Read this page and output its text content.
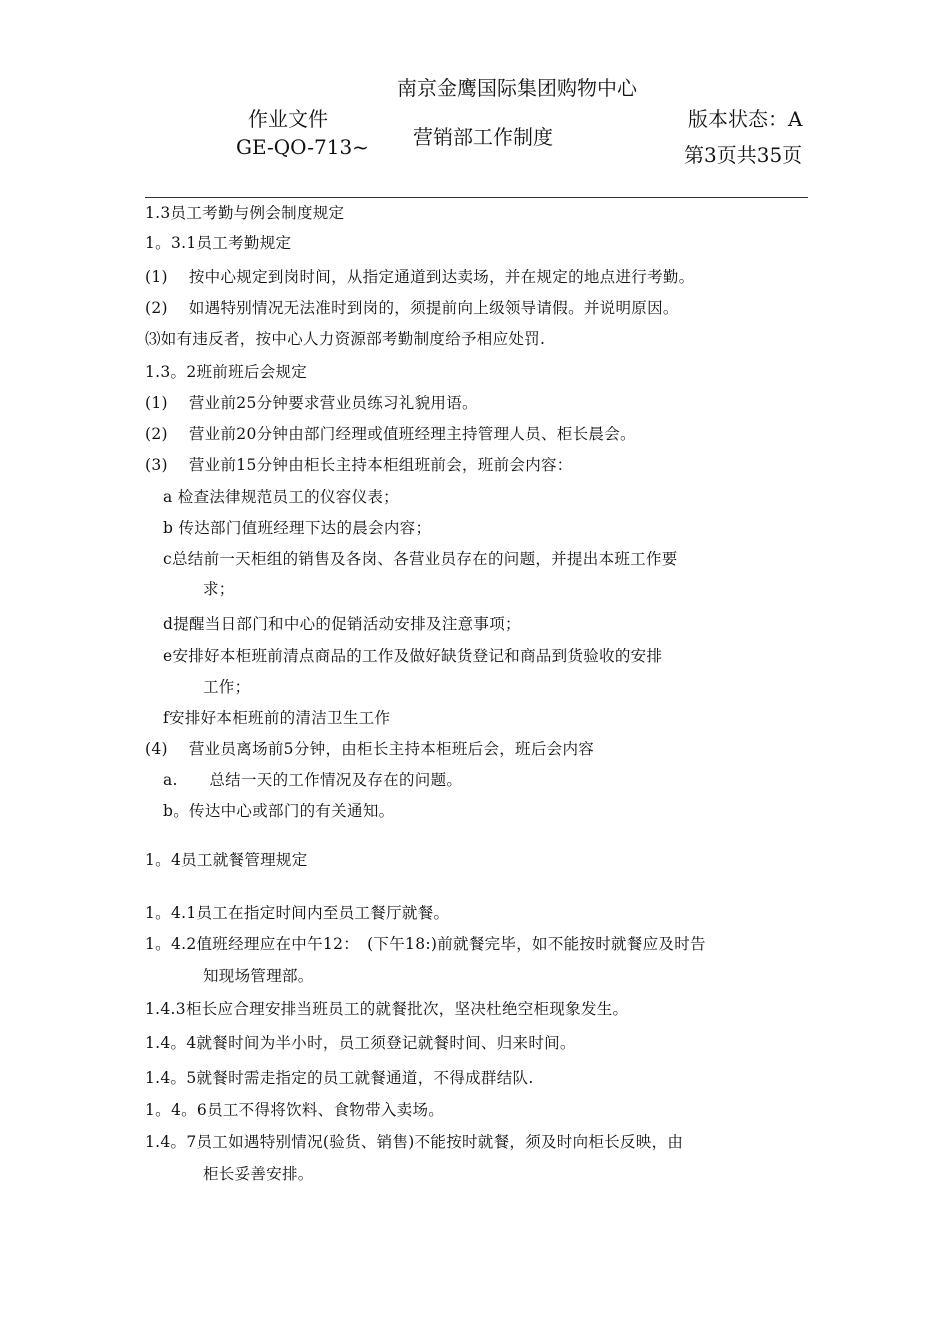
南京金鹰国际集团购物中心
作业文件
GE-QO-713~ 营销部工作制度
版本状态：A
第3页共35页
1.3员工考勤与例会制度规定
1。3.1员工考勤规定
(1)　 按中心规定到岗时间，从指定通道到达卖场，并在规定的地点进行考勤。
(2)　 如遇特别情况无法准时到岗的，须提前向上级领导请假。并说明原因。
⑶如有违反者，按中心人力资源部考勤制度给予相应处罚.
1.3。2班前班后会规定
(1)　 营业前25分钟要求营业员练习礼貌用语。
(2)　 营业前20分钟由部门经理或值班经理主持管理人员、柜长晨会。
(3)　 营业前15分钟由柜长主持本柜组班前会，班前会内容：
a 检查法律规范员工的仪容仪表；
b 传达部门值班经理下达的晨会内容；
c总结前一天柜组的销售及各岗、各营业员存在的问题，并提出本班工作要
求；
d提醒当日部门和中心的促销活动安排及注意事项；
e安排好本柜班前清点商品的工作及做好缺货登记和商品到货验收的安排
工作；
f安排好本柜班前的清洁卫生工作
(4)　 营业员离场前5分钟，由柜长主持本柜班后会，班后会内容
a.　　总结一天的工作情况及存在的问题。
b。传达中心或部门的有关通知。
1。4员工就餐管理规定
1。4.1员工在指定时间内至员工餐厅就餐。
1。4.2值班经理应在中午12：　(下午18:)前就餐完毕，如不能按时就餐应及时告
知现场管理部。
1.4.3柜长应合理安排当班员工的就餐批次，坚决杜绝空柜现象发生。
1.4。4就餐时间为半小时，员工须登记就餐时间、归来时间。
1.4。5就餐时需走指定的员工就餐通道，不得成群结队.
1。4。6员工不得将饮料、食物带入卖场。
1.4。7员工如遇特别情况(验货、销售)不能按时就餐，须及时向柜长反映，由
柜长妥善安排。
